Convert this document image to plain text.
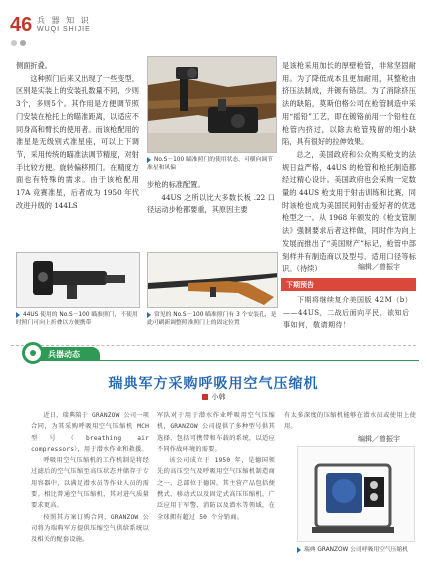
46 兵 器 知 识
WUQI SHIJIE

侧面折叠。

这种照门后来又出现了一些变型，区别是实装上的安装孔数量不同，少则3个，多则5个。其作用是方便调节照门安装在枪托上的瞄准距离，以适应不同身高和臂长的使用者。而该枪配用的准星是无级别式准星座，可以上下调节，采用传统的瞄准法调节精度，对射手比较方便。旋转偏移照门。在精度方面也有特殊的需求。由于该枪配用 17A 竞赛准星，后者成为 1950 年代改进升级的 144LS

No.S－100 瞄准照门的使用状态，可横向调节准星和风偏

步枪的标准配置。

44US 之所以比大多数长板 .22 口径运动步枪都要重，其原因主要

是该枪采用加长的厚壁枪管，非常坚固耐用。为了降低成本且更加耐用，其整枪由挤压法制成，并镀有铬层。为了消除挤压法的缺陷，莫斯伯格公司在枪管制造中采用“摇铅”工艺，即在镀铬前用一个铅柱在枪管内挤过，以除去枪管残留的细小缺陷，具有很好的拉伸效果。

总之，美国政府和公众购买枪支的法规日益严格，44US 的枪管和枪托制造都经过精心设计。美国政府也会采购一定数量的 44US 枪支用于射击训练和比赛，同时该枪也成为美国民间射击爱好者的优选枪型之一。从 1968 年颁发的《枪支管制法》强制要求后者这样做，同时作为向上发展而推出了“美国财产”标记，枪管中部刻样并有制造商以及型号、适用口径等标识。（待续）	编辑／曾振宇
44US 使用的 No.S－100 瞄准照门，不使用时照门可向上折叠以方便携带
常见的 No.S－100 瞄准照门有 3 个安装孔，是此可刷新调整照准照门上的固定位置
下期预告
下期将继续复介美国版 42M（b）——44US，二战后面向平民，欲知后事如何，敬请期待！
兵器动态
瑞典军方采购呼吸用空气压缩机
小韩

近日，瑞典陪于 GRANZOW 公司一项合同，为其采购呼吸用空气压缩机 MCH 型号（breathing air compressors），用于潜水作业和救援。

呼吸用空气压缩机的工作机制是将经过滤后的空气压缩至高压状态并储存于专用容器中，以满足潜水员等作业人员的需要。相比普通空气压缩机，其对进气质量要求更高。

按照其方案订购合同，GRANZOW 公司将为瑞典军方提供压缩空气供给系统以及相关的配套设施。

军队对于用于潜水作业呼吸用空气压缩机，GRANZOW 公司提供了多种型号供其选择，包括可携带和车载的系统，以适应不同作战环境的需要。

该公司成立于 1950 年，是德国领先的高压空气及呼吸用空气压缩机制造商之一，总部位于德国。其主营产品包括便携式、移动式以及固定式高压压缩机，广泛应用于军警、消防以及潜水等领域，在全球拥有超过 50 个分销商。

有太多深度的压缩机能够在潜水员或使用上使用。

编辑／曾振宇
瑞典 GRANZOW 公司呼吸用空气压缩机
